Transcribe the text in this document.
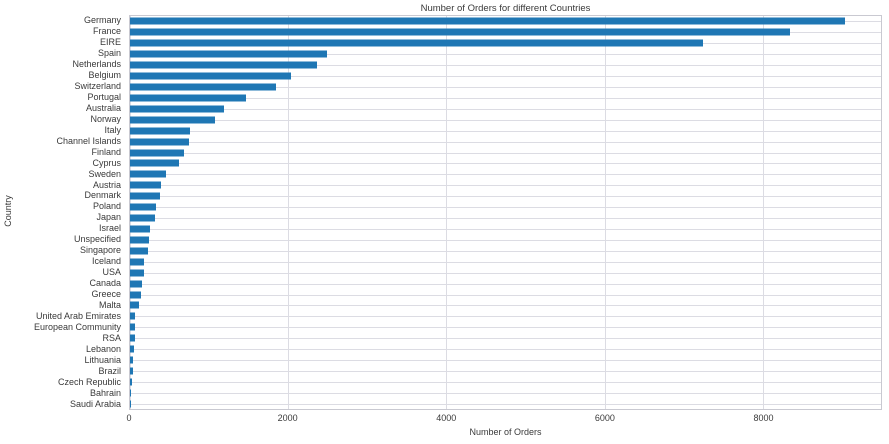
Number of Orders for different Countries
Country
Germany
France
EIRE
Spain
Netherlands
Belgium
Switzerland
Portugal
Australia
Norway
Italy
Channel Islands
Finland
Cyprus
Sweden
Austria
Denmark
Poland
Japan
Israel
Unspecified
Singapore
Iceland
USA
Canada
Greece
Malta
United Arab Emirates
European Community
RSA
Lebanon
Lithuania
Brazil
Czech Republic
Bahrain
Saudi Arabia
0	2000	4000	6000	8000
Number of Orders
